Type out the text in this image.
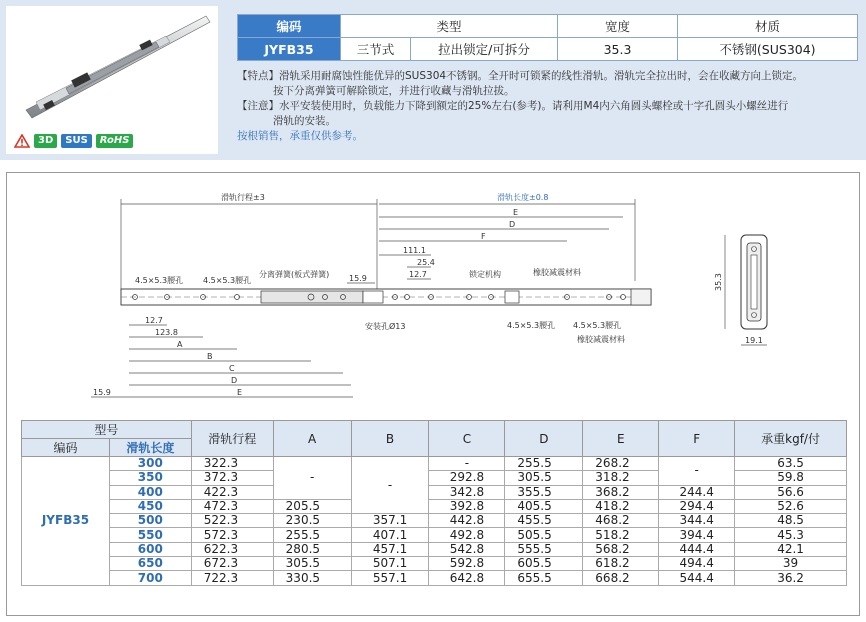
3D	SUS	RoHS
编码	类型		宽度	材质
JYFB35	三节式	拉出锁定/可拆分	35.3	不锈钢(SUS304)
【特点】滑轨采用耐腐蚀性能优异的SUS304不锈钢。全开时可锁紧的线性滑轨。滑轨完全拉出时，会在收藏方向上锁定。
按下分离弹簧可解除锁定，并进行收藏与滑轨拉拔。
【注意】水平安装使用时，负载能力下降到额定的25%左右(参考)。请利用M4内六角圆头螺栓或十字孔圆头小螺丝进行
滑轨的安装。
按根销售，承重仅供参考。
滑轨行程±3	滑轨长度±0.8
E
D
F
111.1
25.4
12.7
15.9
4.5×5.3腰孔 4.5×5.3腰孔
分离弹簧(板式弹簧)	锁定机构	橡胶减震材料
4.5×5.3腰孔 4.5×5.3腰孔
橡胶减震材料
安装孔Ø13
12.7
123.8
A
B
C
D
E
15.9
35.3
19.1
型号		滑轨行程	A	B	C	D	E	F	承重kgf/付
编码	滑轨长度								
JYFB35	300	322.3	-	-	-	255.5	268.2	-	63.5
	350	372.3			292.8	305.5	318.2		59.8
	400	422.3			342.8	355.5	368.2	244.4	56.6
	450	472.3	205.5		392.8	405.5	418.2	294.4	52.6
	500	522.3	230.5	357.1	442.8	455.5	468.2	344.4	48.5
	550	572.3	255.5	407.1	492.8	505.5	518.2	394.4	45.3
	600	622.3	280.5	457.1	542.8	555.5	568.2	444.4	42.1
	650	672.3	305.5	507.1	592.8	605.5	618.2	494.4	39
	700	722.3	330.5	557.1	642.8	655.5	668.2	544.4	36.2
